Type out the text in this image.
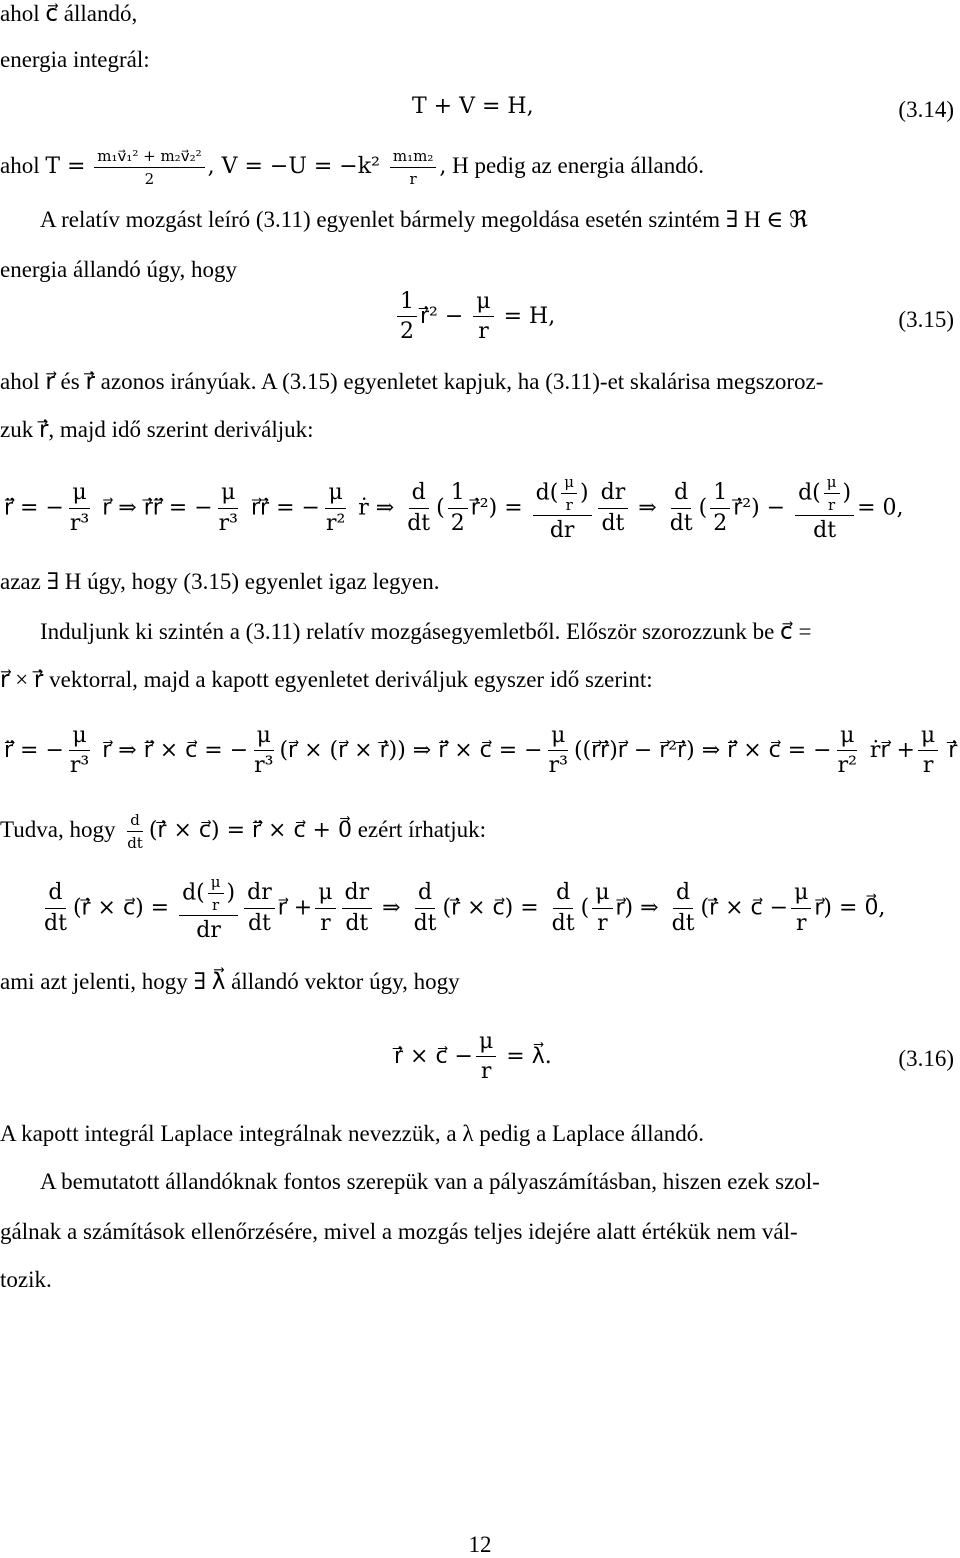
ahol c⃗ állandó,
energia integrál:
T + V = H,	(3.14)
ahol $T = \frac{\text{m₁v⃗₁² + m₂v⃗₂²}}{2}$ , $V = -U = -k^2 \frac{\text{m₁m₂}}{r}$ , H pedig az energia állandó.
A relatív mozgást leíró (3.11) egyenlet bármely megoldása esetén szintém ∃ H ∈ ℜ
energia állandó úgy, hogy
$\frac{1}{2}$ ṙ⃗² − $\frac{\mu}{r} = H$,	(3.15)
ahol r⃗ és ṙ⃗ azonos irányúak. A (3.15) egyenletet kapjuk, ha (3.11)-et skalárisa megszoroz-
zuk ṙ⃗, majd idő szerint deriváljuk:
r̈⃗ = − $\frac{\mu}{\text{r³}}$ r⃗ ⇒ ṙ⃗r̈⃗ = − $\frac{\mu}{\text{r³}}$ r⃗ṙ⃗ = − $\frac{\mu}{\text{r²}}$ ṙ ⇒ $\frac{d}{dt}$ ( $\frac{1}{2}$ ṙ⃗²) = $\frac{d( \frac{\mu}{r} )}{dr} \frac{dr}{dt}$ ⇒ $\frac{d}{dt}$ ( $\frac{1}{2}$ ṙ⃗²) − $\frac{d( \frac{\mu}{r} )}{dt} = 0$,
azaz ∃ H úgy, hogy (3.15) egyenlet igaz legyen.
Induljunk ki szintén a (3.11) relatív mozgásegyemletből. Először szorozzunk be c⃗ =
r⃗ × ṙ⃗ vektorral, majd a kapott egyenletet deriváljuk egyszer idő szerint:
r̈⃗ = − $\frac{\mu}{\text{r³}}$ r⃗ ⇒ r̈⃗ × c⃗ = − $\frac{\mu}{\text{r³}}$ (r⃗ × (r⃗ × ṙ⃗)) ⇒ r̈⃗ × c⃗ = − $\frac{\mu}{\text{r³}}$ ((r⃗ṙ⃗)r⃗ − r⃗²ṙ⃗) ⇒ r̈⃗ × c⃗ = − $\frac{\mu}{\text{r²}}$ ṙr⃗ + $\frac{\mu}{r}$ ṙ⃗
Tudva, hogy $\frac{d}{dt}$ (ṙ⃗ × c⃗) = r̈⃗ × c⃗ + 0⃗ ezért írhatjuk:
$\frac{d}{dt}$ (ṙ⃗ × c⃗) = $\frac{d( \frac{\mu}{r} )}{dr} \frac{dr}{dt}$ r⃗ + $\frac{\mu}{r} \frac{dr}{dt}$ ⇒ $\frac{d}{dt}$ (ṙ⃗ × c⃗) = $\frac{d}{dt}$ ( $\frac{\mu}{r}$ r⃗) ⇒ $\frac{d}{dt}$ (ṙ⃗ × c⃗ − $\frac{\mu}{r}$ r⃗) = 0⃗,
ami azt jelenti, hogy ∃ λ⃗ állandó vektor úgy, hogy
ṙ⃗ × c⃗ − $\frac{\mu}{r}$ = λ⃗.	(3.16)
A kapott integrál Laplace integrálnak nevezzük, a λ pedig a Laplace állandó.
A bemutatott állandóknak fontos szerepük van a pályaszámításban, hiszen ezek szol-
gálnak a számítások ellenőrzésére, mivel a mozgás teljes idejére alatt értékük nem vál-
tozik.
12
